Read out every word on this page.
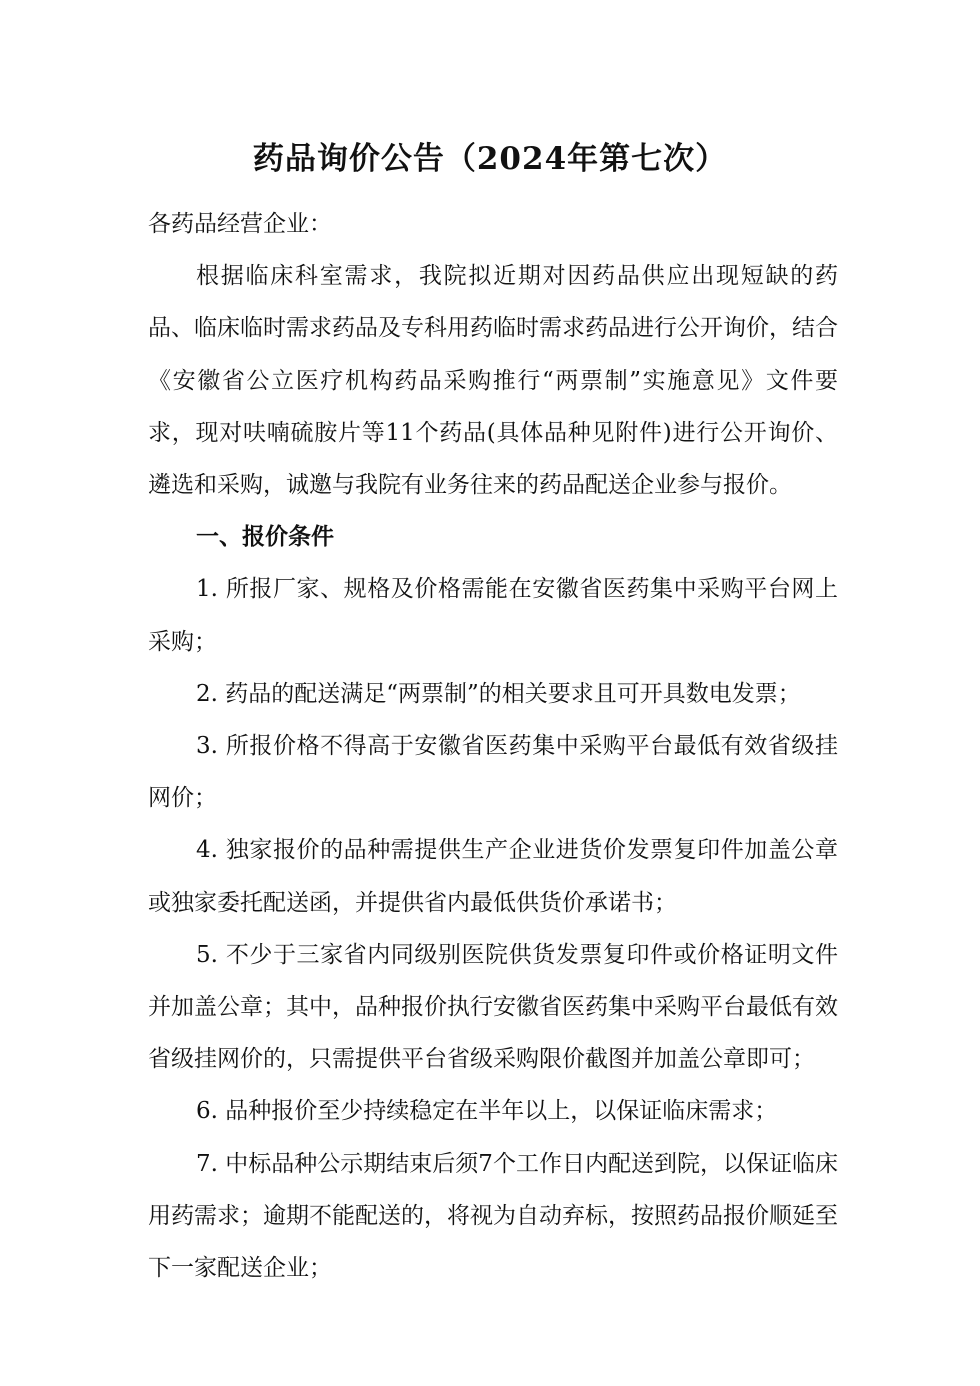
药品询价公告（2024年第七次）

各药品经营企业：

根据临床科室需求，我院拟近期对因药品供应出现短缺的药品、临床临时需求药品及专科用药临时需求药品进行公开询价，结合《安徽省公立医疗机构药品采购推行“两票制”实施意见》文件要求，现对呋喃硫胺片等11个药品(具体品种见附件)进行公开询价、遴选和采购，诚邀与我院有业务往来的药品配送企业参与报价。

一、报价条件

1. 所报厂家、规格及价格需能在安徽省医药集中采购平台网上采购；

2. 药品的配送满足“两票制”的相关要求且可开具数电发票；

3. 所报价格不得高于安徽省医药集中采购平台最低有效省级挂网价；

4. 独家报价的品种需提供生产企业进货价发票复印件加盖公章或独家委托配送函，并提供省内最低供货价承诺书；

5. 不少于三家省内同级别医院供货发票复印件或价格证明文件并加盖公章；其中，品种报价执行安徽省医药集中采购平台最低有效省级挂网价的，只需提供平台省级采购限价截图并加盖公章即可；

6. 品种报价至少持续稳定在半年以上，以保证临床需求；

7. 中标品种公示期结束后须7个工作日内配送到院，以保证临床用药需求；逾期不能配送的，将视为自动弃标，按照药品报价顺延至下一家配送企业；
